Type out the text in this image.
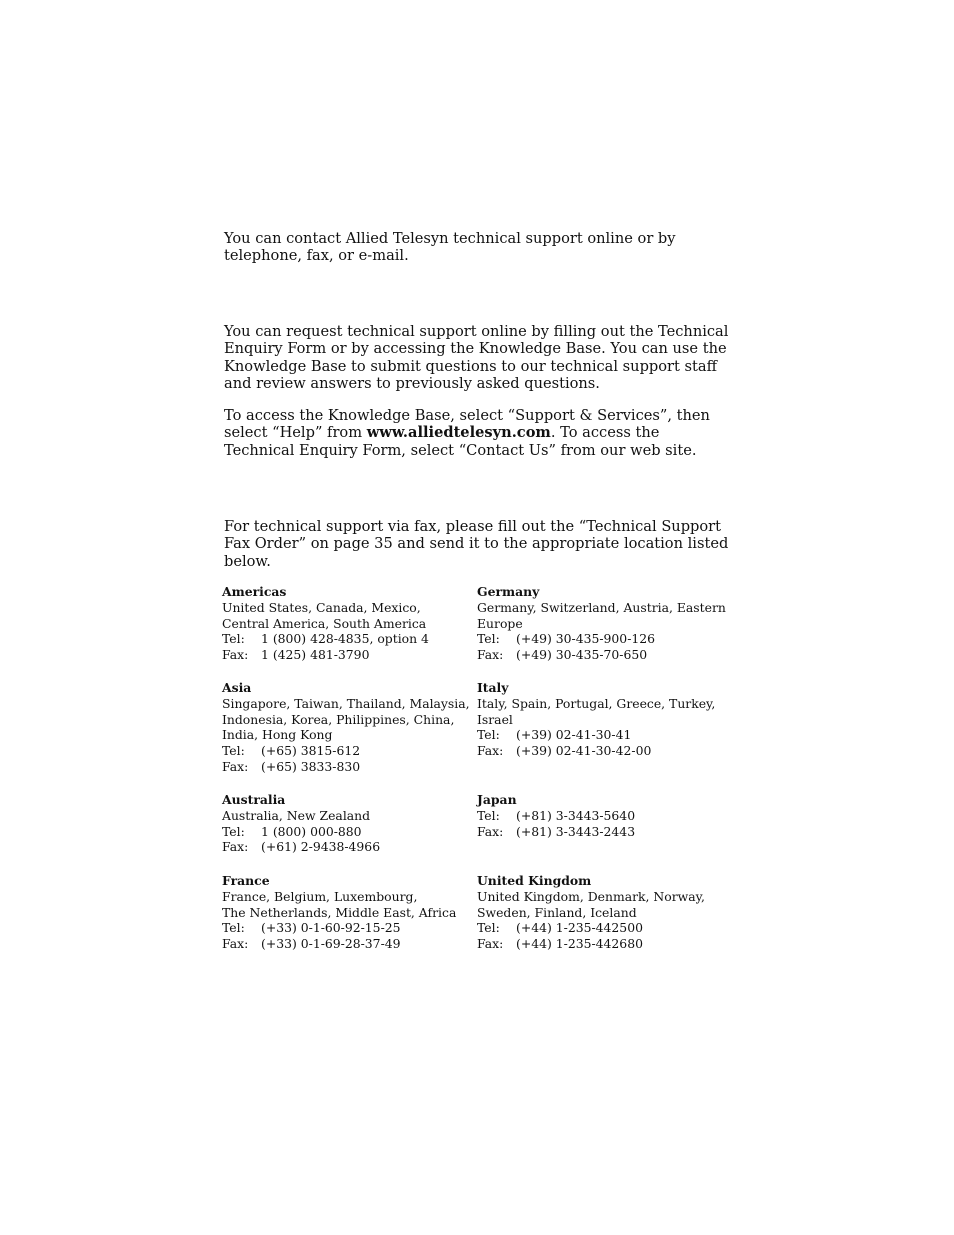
You can contact Allied Telesyn technical support online or by telephone, fax, or e-mail.

You can request technical support online by filling out the Technical Enquiry Form or by accessing the Knowledge Base. You can use the Knowledge Base to submit questions to our technical support staff and review answers to previously asked questions.

To access the Knowledge Base, select “Support & Services”, then select “Help” from www.alliedtelesyn.com. To access the Technical Enquiry Form, select “Contact Us” from our web site.

For technical support via fax, please fill out the “Technical Support Fax Order” on page 35 and send it to the appropriate location listed below.

Americas
United States, Canada, Mexico,
Central America, South America
Tel: 1 (800) 428-4835, option 4
Fax: 1 (425) 481-3790
Germany
Germany, Switzerland, Austria, Eastern
Europe
Tel: (+49) 30-435-900-126
Fax: (+49) 30-435-70-650
Asia
Singapore, Taiwan, Thailand, Malaysia,
Indonesia, Korea, Philippines, China,
India, Hong Kong
Tel: (+65) 3815-612
Fax: (+65) 3833-830
Italy
Italy, Spain, Portugal, Greece, Turkey,
Israel
Tel: (+39) 02-41-30-41
Fax: (+39) 02-41-30-42-00
Australia
Australia, New Zealand
Tel: 1 (800) 000-880
Fax: (+61) 2-9438-4966
Japan
Tel: (+81) 3-3443-5640
Fax: (+81) 3-3443-2443
France
France, Belgium, Luxembourg,
The Netherlands, Middle East, Africa
Tel: (+33) 0-1-60-92-15-25
Fax: (+33) 0-1-69-28-37-49
United Kingdom
United Kingdom, Denmark, Norway,
Sweden, Finland, Iceland
Tel: (+44) 1-235-442500
Fax: (+44) 1-235-442680
